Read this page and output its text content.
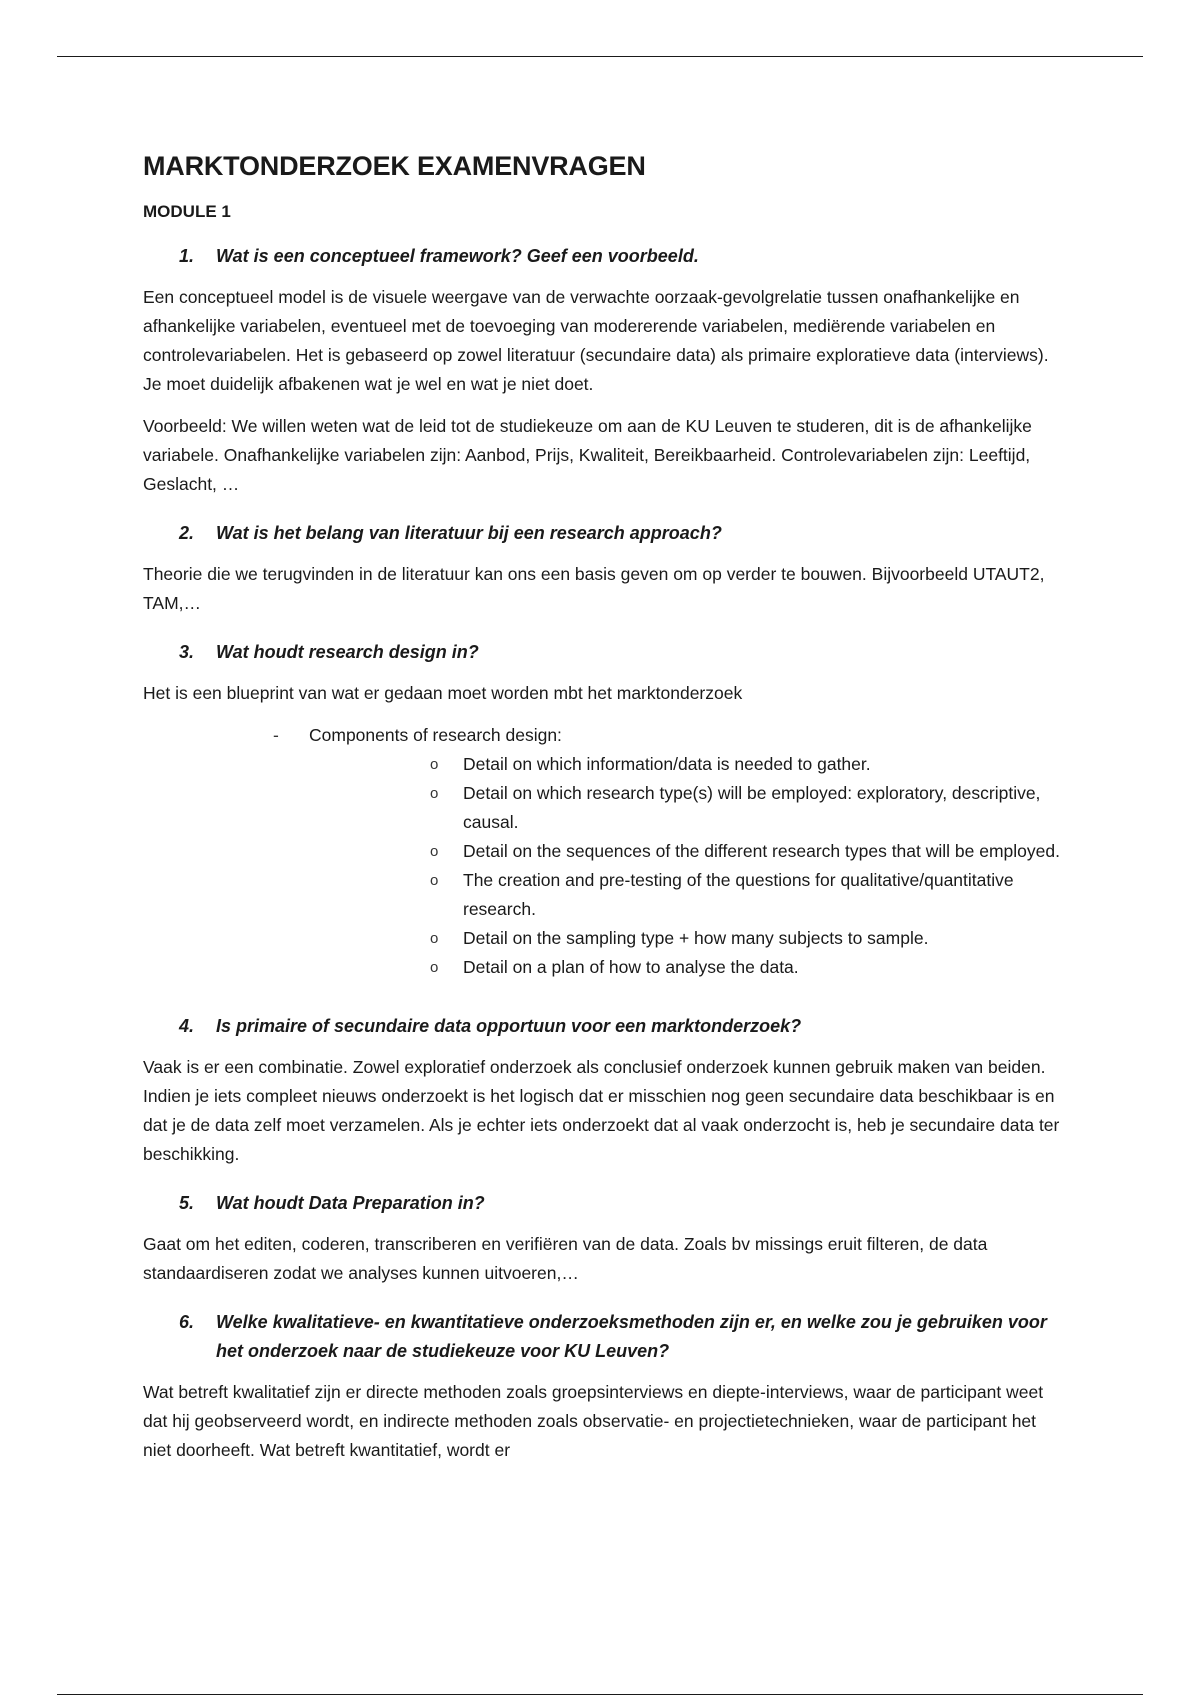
MARKTONDERZOEK EXAMENVRAGEN
MODULE 1
1.	Wat is een conceptueel framework? Geef een voorbeeld.

Een conceptueel model is de visuele weergave van de verwachte oorzaak-gevolgrelatie tussen onafhankelijke en afhankelijke variabelen, eventueel met de toevoeging van modererende variabelen, mediërende variabelen en controlevariabelen. Het is gebaseerd op zowel literatuur (secundaire data) als primaire exploratieve data (interviews). Je moet duidelijk afbakenen wat je wel en wat je niet doet.

Voorbeeld: We willen weten wat de leid tot de studiekeuze om aan de KU Leuven te studeren, dit is de afhankelijke variabele. Onafhankelijke variabelen zijn: Aanbod, Prijs, Kwaliteit, Bereikbaarheid. Controlevariabelen zijn: Leeftijd, Geslacht, …

2.	Wat is het belang van literatuur bij een research approach?

Theorie die we terugvinden in de literatuur kan ons een basis geven om op verder te bouwen. Bijvoorbeeld UTAUT2, TAM,…

3.	Wat houdt research design in?

Het is een blueprint van wat er gedaan moet worden mbt het marktonderzoek

-	Components of research design:
o	Detail on which information/data is needed to gather.
o	Detail on which research type(s) will be employed: exploratory, descriptive, causal.
o	Detail on the sequences of the different research types that will be employed.
o	The creation and pre-testing of the questions for qualitative/quantitative research.
o	Detail on the sampling type + how many subjects to sample.
o	Detail on a plan of how to analyse the data.
4.	Is primaire of secundaire data opportuun voor een marktonderzoek?

Vaak is er een combinatie. Zowel exploratief onderzoek als conclusief onderzoek kunnen gebruik maken van beiden. Indien je iets compleet nieuws onderzoekt is het logisch dat er misschien nog geen secundaire data beschikbaar is en dat je de data zelf moet verzamelen. Als je echter iets onderzoekt dat al vaak onderzocht is, heb je secundaire data ter beschikking.

5.	Wat houdt Data Preparation in?

Gaat om het editen, coderen, transcriberen en verifiëren van de data. Zoals bv missings eruit filteren, de data standaardiseren zodat we analyses kunnen uitvoeren,…

6.	Welke kwalitatieve- en kwantitatieve onderzoeksmethoden zijn er, en welke zou je gebruiken voor het onderzoek naar de studiekeuze voor KU Leuven?

Wat betreft kwalitatief zijn er directe methoden zoals groepsinterviews en diepte-interviews, waar de participant weet dat hij geobserveerd wordt, en indirecte methoden zoals observatie- en projectietechnieken, waar de participant het niet doorheeft. Wat betreft kwantitatief, wordt er
